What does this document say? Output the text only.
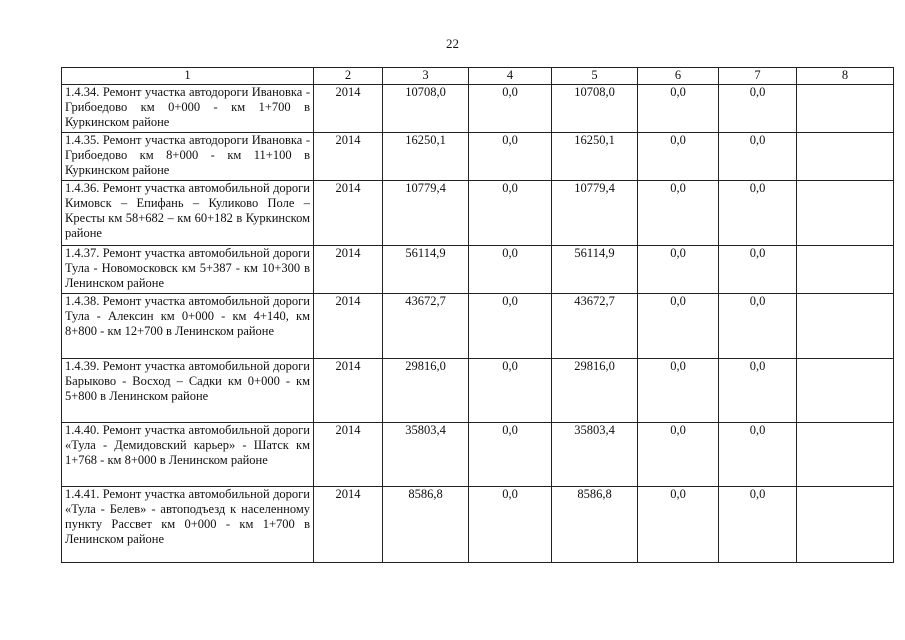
22
1	2	3	4	5	6	7	8
1.4.34. Ремонт участка автодороги Ивановка - Грибоедово км 0+000 - км 1+700 в Куркинском районе	2014	10708,0	0,0	10708,0	0,0	0,0	
1.4.35. Ремонт участка автодороги Ивановка - Грибоедово км 8+000 - км 11+100 в Куркинском районе	2014	16250,1	0,0	16250,1	0,0	0,0	
1.4.36. Ремонт участка автомобильной дороги Кимовск – Епифань – Куликово Поле – Кресты км 58+682 – км 60+182 в Куркинском районе	2014	10779,4	0,0	10779,4	0,0	0,0	
1.4.37. Ремонт участка автомобильной дороги Тула - Новомосковск км 5+387 - км 10+300 в Ленинском районе	2014	56114,9	0,0	56114,9	0,0	0,0	
1.4.38. Ремонт участка автомобильной дороги Тула - Алексин км 0+000 - км 4+140, км 8+800 - км 12+700 в Ленинском районе	2014	43672,7	0,0	43672,7	0,0	0,0	
1.4.39. Ремонт участка автомобильной дороги Барыково - Восход – Садки км 0+000 - км 5+800 в Ленинском районе	2014	29816,0	0,0	29816,0	0,0	0,0	
1.4.40. Ремонт участка автомобильной дороги «Тула - Демидовский карьер» - Шатск км 1+768 - км 8+000 в Ленинском районе	2014	35803,4	0,0	35803,4	0,0	0,0	
1.4.41. Ремонт участка автомобильной дороги «Тула - Белев» - автоподъезд к населенному пункту Рассвет км 0+000 - км 1+700 в Ленинском районе	2014	8586,8	0,0	8586,8	0,0	0,0	
